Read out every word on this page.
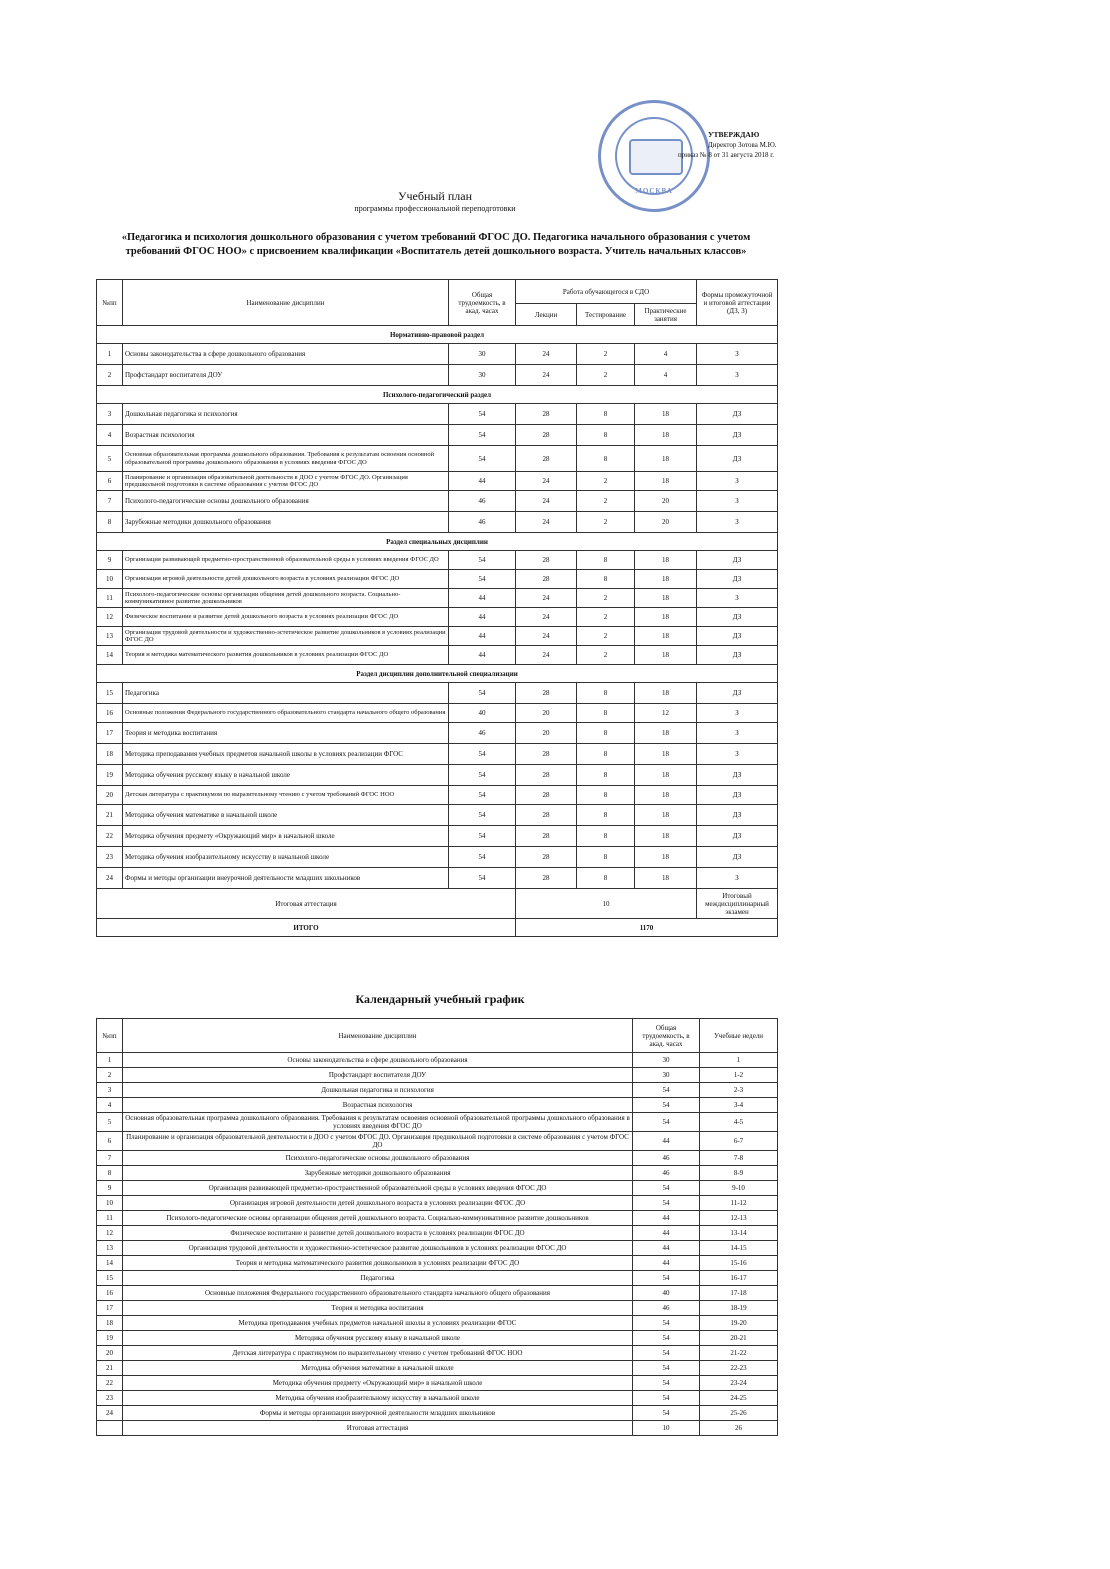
МОСКВА
УТВЕРЖДАЮ
Директор Зотова М.Ю.
приказ № 8 от 31 августа 2018 г.
Учебный план
программы профессиональной переподготовки
«Педагогика и психология дошкольного образования с учетом требований ФГОС ДО. Педагогика начального образования с учетом требований ФГОС НОО» с присвоением квалификации «Воспитатель детей дошкольного возраста. Учитель начальных классов»
№пп	Наименование дисциплин	Общая трудоемкость, в акад. часах	Работа обучающегося в СДО			Формы промежуточной и итоговой аттестации (ДЗ, З)
			Лекции	Тестирование	Практические занятия	
Нормативно-правовой раздел						
1	Основы законодательства в сфере дошкольного образования	30	24	2	4	З
2	Профстандарт воспитателя ДОУ	30	24	2	4	З
Психолого-педагогический раздел						
3	Дошкольная педагогика и психология	54	28	8	18	ДЗ
4	Возрастная психология	54	28	8	18	ДЗ
5	Основная образовательная программа дошкольного образования. Требования к результатам освоения основной образовательной программы дошкольного образования в условиях введения ФГОС ДО	54	28	8	18	ДЗ
6	Планирование и организация образовательной деятельности в ДОО с учетом ФГОС ДО. Организация предшкольной подготовки в системе образования с учетом ФГОС ДО	44	24	2	18	З
7	Психолого-педагогические основы дошкольного образования	46	24	2	20	З
8	Зарубежные методики дошкольного образования	46	24	2	20	З
Раздел специальных дисциплин						
9	Организация развивающей предметно-пространственной образовательной среды в условиях введения ФГОС ДО	54	28	8	18	ДЗ
10	Организация игровой деятельности детей дошкольного возраста в условиях реализации ФГОС ДО	54	28	8	18	ДЗ
11	Психолого-педагогические основы организации общения детей дошкольного возраста. Социально-коммуникативное развитие дошкольников	44	24	2	18	З
12	Физическое воспитание и развитие детей дошкольного возраста в условиях реализации ФГОС ДО	44	24	2	18	ДЗ
13	Организация трудовой деятельности и художественно-эстетическое развитие дошкольников в условиях реализации ФГОС ДО	44	24	2	18	ДЗ
14	Теория и методика математического развития дошкольников в условиях реализации ФГОС ДО	44	24	2	18	ДЗ
Раздел дисциплин дополнительной специализации						
15	Педагогика	54	28	8	18	ДЗ
16	Основные положения Федерального государственного образовательного стандарта начального общего образования	40	20	8	12	З
17	Теория и методика воспитания	46	20	8	18	З
18	Методика преподавания учебных предметов начальной школы в условиях реализации ФГОС	54	28	8	18	З
19	Методика обучения русскому языку в начальной школе	54	28	8	18	ДЗ
20	Детская литература с практикумом по выразительному чтению с учетом требований ФГОС НОО	54	28	8	18	ДЗ
21	Методика обучения математике в начальной школе	54	28	8	18	ДЗ
22	Методика обучения предмету «Окружающий мир» в начальной школе	54	28	8	18	ДЗ
23	Методика обучения изобразительному искусству в начальной школе	54	28	8	18	ДЗ
24	Формы и методы организации внеурочной деятельности младших школьников	54	28	8	18	З
Итоговая аттестация			10			Итоговый междисциплинарный экзамен
ИТОГО			1170			
Календарный учебный график
№пп	Наименование дисциплин	Общая трудоемкость, в акад. часах	Учебные недели
1	Основы законодательства в сфере дошкольного образования	30	1
2	Профстандарт воспитателя ДОУ	30	1-2
3	Дошкольная педагогика и психология	54	2-3
4	Возрастная психология	54	3-4
5	Основная образовательная программа дошкольного образования. Требования к результатам освоения основной образовательной программы дошкольного образования в условиях введения ФГОС ДО	54	4-5
6	Планирование и организация образовательной деятельности в ДОО с учетом ФГОС ДО. Организация предшкольной подготовки в системе образования с учетом ФГОС ДО	44	6-7
7	Психолого-педагогические основы дошкольного образования	46	7-8
8	Зарубежные методики дошкольного образования	46	8-9
9	Организация развивающей предметно-пространственной образовательной среды в условиях введения ФГОС ДО	54	9-10
10	Организация игровой деятельности детей дошкольного возраста в условиях реализации ФГОС ДО	54	11-12
11	Психолого-педагогические основы организации общения детей дошкольного возраста. Социально-коммуникативное развитие дошкольников	44	12-13
12	Физическое воспитание и развитие детей дошкольного возраста в условиях реализации ФГОС ДО	44	13-14
13	Организация трудовой деятельности и художественно-эстетическое развитие дошкольников в условиях реализации ФГОС ДО	44	14-15
14	Теория и методика математического развития дошкольников в условиях реализации ФГОС ДО	44	15-16
15	Педагогика	54	16-17
16	Основные положения Федерального государственного образовательного стандарта начального общего образования	40	17-18
17	Теория и методика воспитания	46	18-19
18	Методика преподавания учебных предметов начальной школы в условиях реализации ФГОС	54	19-20
19	Методика обучения русскому языку в начальной школе	54	20-21
20	Детская литература с практикумом по выразительному чтению с учетом требований ФГОС НОО	54	21-22
21	Методика обучения математике в начальной школе	54	22-23
22	Методика обучения предмету «Окружающий мир» в начальной школе	54	23-24
23	Методика обучения изобразительному искусству в начальной школе	54	24-25
24	Формы и методы организации внеурочной деятельности младших школьников	54	25-26
	Итоговая аттестация	10	26
